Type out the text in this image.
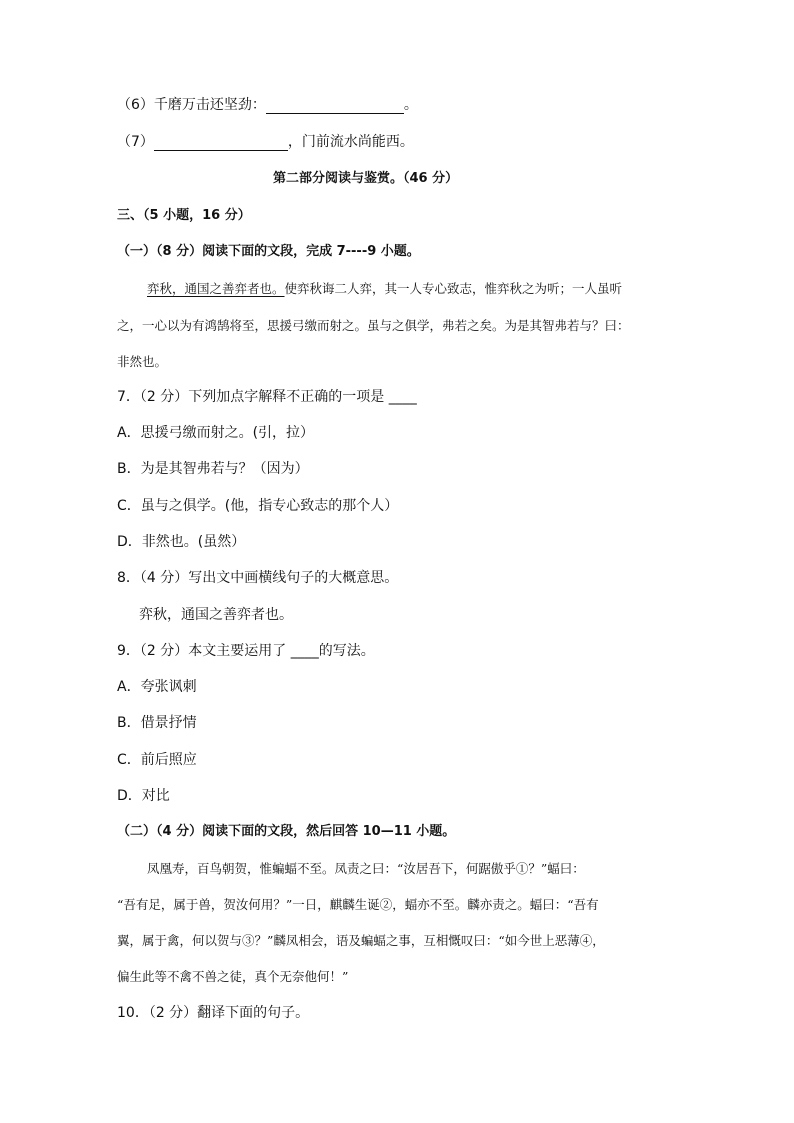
（6）千磨万击还坚劲：	。
（7）	，门前流水尚能西。
第二部分阅读与鉴赏。（46 分）
三、（5 小题，16 分）
（一）（8 分）阅读下面的文段，完成 7----9 小题。
弈秋，通国之善弈者也。使弈秋诲二人弈，其一人专心致志，惟弈秋之为听；一人虽听
之，一心以为有鸿鹄将至，思援弓缴而射之。虽与之俱学，弗若之矣。为是其智弗若与？曰：
非然也。
7．（2 分）下列加点字解释不正确的一项是 ____
A．思援弓缴而射之。(引，拉）
B．为是其智弗若与？（因为）
C．虽与之俱学。(他，指专心致志的那个人）
D．非然也。(虽然）
8．（4 分）写出文中画横线句子的大概意思。
弈秋，通国之善弈者也。
9．（2 分）本文主要运用了 ____的写法。
A．夸张讽刺
B．借景抒情
C．前后照应
D．对比
（二）（4 分）阅读下面的文段，然后回答 10—11 小题。
凤凰寿，百鸟朝贺，惟蝙蝠不至。凤责之曰：“汝居吾下，何踞傲乎①？”蝠曰：
“吾有足，属于兽，贺汝何用？”一日，麒麟生诞②，蝠亦不至。麟亦责之。蝠曰：“吾有
翼，属于禽，何以贺与③？”麟凤相会，语及蝙蝠之事，互相慨叹曰：“如今世上恶薄④，
偏生此等不禽不兽之徒，真个无奈他何！”
10．（2 分）翻译下面的句子。
